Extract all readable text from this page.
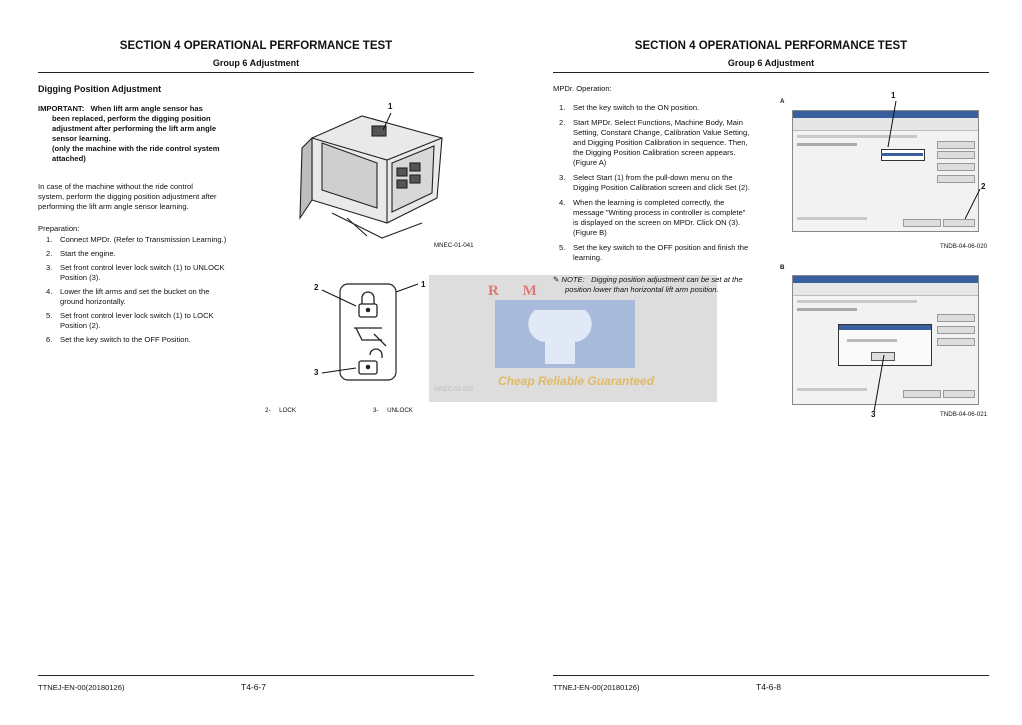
SECTION 4 OPERATIONAL PERFORMANCE TEST
Group 6 Adjustment
Digging Position Adjustment
IMPORTANT: When lift arm angle sensor has
been replaced, perform the digging position
adjustment after performing the lift arm angle
sensor learning.
(only the machine with the ride control system
attached)
In case of the machine without the ride control
system, perform the digging position adjustment after
performing the lift arm angle sensor learning.
Preparation:
1. Connect MPDr. (Refer to Transmission Learning.)
2. Start the engine.
3. Set front control lever lock switch (1) to UNLOCK
Position (3).
4. Lower the lift arms and set the bucket on the
ground horizontally.
5. Set front control lever lock switch (1) to LOCK
Position (2).
6. Set the key switch to the OFF Position.
1
MNEC-01-041
2
3
1
2- LOCK	3- UNLOCK
R M
Cheap Reliable Guaranteed
TTNEJ-EN-00(20180126)	T4-6-7
SECTION 4 OPERATIONAL PERFORMANCE TEST
Group 6 Adjustment
MPDr. Operation:
1. Set the key switch to the ON position.
2. Start MPDr. Select Functions, Machine Body, Main
Setting, Constant Change, Calibration Value Setting,
and Digging Position Calibration in sequence. Then,
the Digging Position Calibration screen appears.
(Figure A)
3. Select Start (1) from the pull-down menu on the
Digging Position Calibration screen and click Set (2).
4. When the learning is completed correctly, the
message "Writing process in controller is complete"
is displayed on the screen on MPDr. Click ON (3).
(Figure B)
5. Set the key switch to the OFF position and finish the
learning.
✎ NOTE: Digging position adjustment can be set at the
position lower than horizontal lift arm position.
A
1
2
TNDB-04-06-020
B
3	TNDB-04-06-021
TTNEJ-EN-00(20180126)	T4-6-8
